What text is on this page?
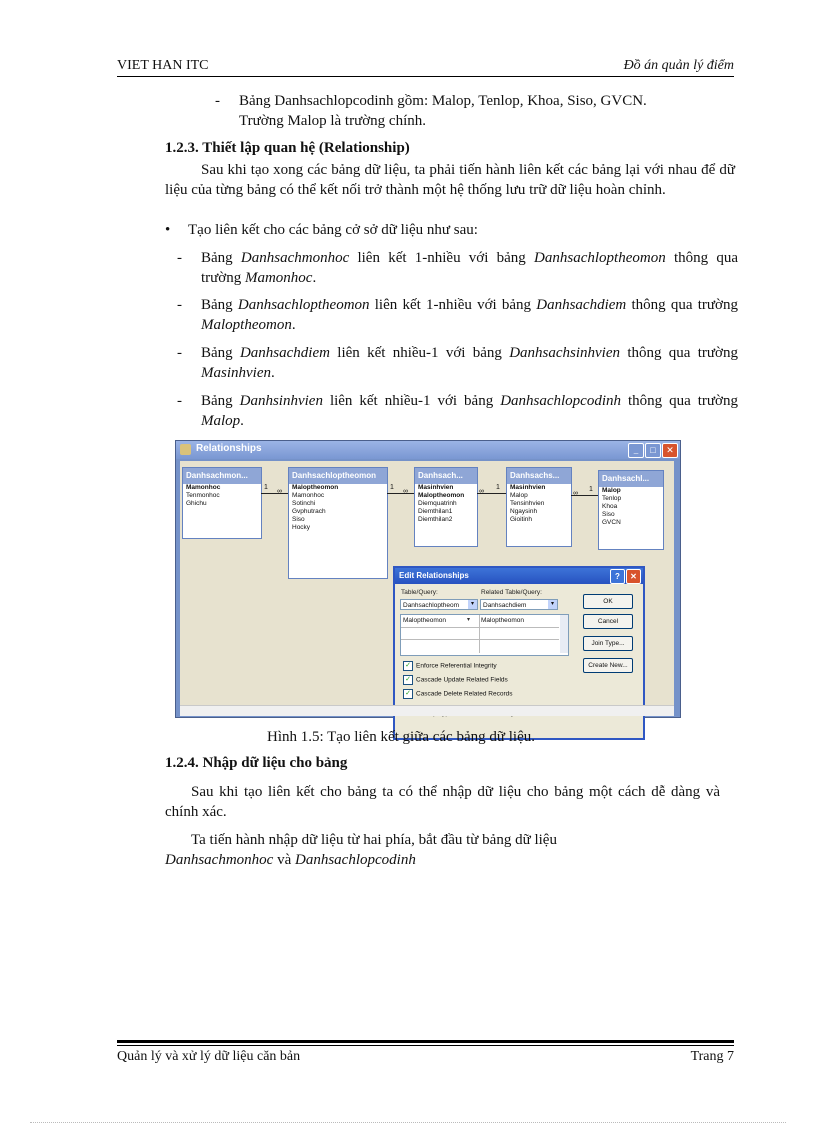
VIET HAN ITC	Đồ án quản lý điểm
- Bảng Danhsachlopcodinh gồm: Malop, Tenlop, Khoa, Siso, GVCN.
Trường Malop là trường chính.
1.2.3. Thiết lập quan hệ (Relationship)
Sau khi tạo xong các bảng dữ liệu, ta phải tiến hành liên kết các bảng lại với nhau để dữ liệu của từng bảng có thể kết nối trở thành một hệ thống lưu trữ dữ liệu hoàn chỉnh.
• Tạo liên kết cho các bảng cở sở dữ liệu như sau:
- Bảng Danhsachmonhoc liên kết 1-nhiều với bảng Danhsachloptheomon thông qua trường Mamonhoc.
- Bảng Danhsachloptheomon liên kết 1-nhiều với bảng Danhsachdiem thông qua trường Maloptheomon.
- Bảng Danhsachdiem liên kết nhiều-1 với bảng Danhsachsinhvien thông qua trường Masinhvien.
- Bảng Danhsinhvien liên kết nhiều-1 với bảng Danhsachlopcodinh thông qua trường Malop.
Relationships	_	□	✕
Danhsachmon...
Mamonhoc
Tenmonhoc
Ghichu
Danhsachloptheomon
Maloptheomon
Mamonhoc
Sotinchi
Gvphutrach
Siso
Hocky
Danhsach...
Masinhvien
Maloptheomon
Diemquatrinh
Diemthilan1
Diemthilan2
Danhsachs...
Masinhvien
Malop
Tensinhvien
Ngaysinh
Gioitinh
Danhsachl...
Malop
Tenlop
Khoa
Siso
GVCN
1
∞
1
∞	∞
1
∞
1
Edit Relationships	?	✕
Table/Query:	Related Table/Query:
Danhsachloptheom	▾	Danhsachdiem	▾
Maloptheomon	▾ Maloptheomon
✓ Enforce Referential Integrity
✓ Cascade Update Related Fields
✓ Cascade Delete Related Records
OK
Cancel
Join Type...
Create New...
Hình 1.5: Tạo liên kết giữa các bảng dữ liệu.
1.2.4. Nhập dữ liệu cho bảng
Sau khi tạo liên kết cho bảng ta có thể nhập dữ liệu cho bảng một cách dễ dàng và chính xác.
Ta tiến hành nhập dữ liệu từ hai phía, bắt đầu từ bảng dữ liệu
Danhsachmonhoc và Danhsachlopcodinh
Quản lý và xử lý dữ liệu căn bản	Trang 7
